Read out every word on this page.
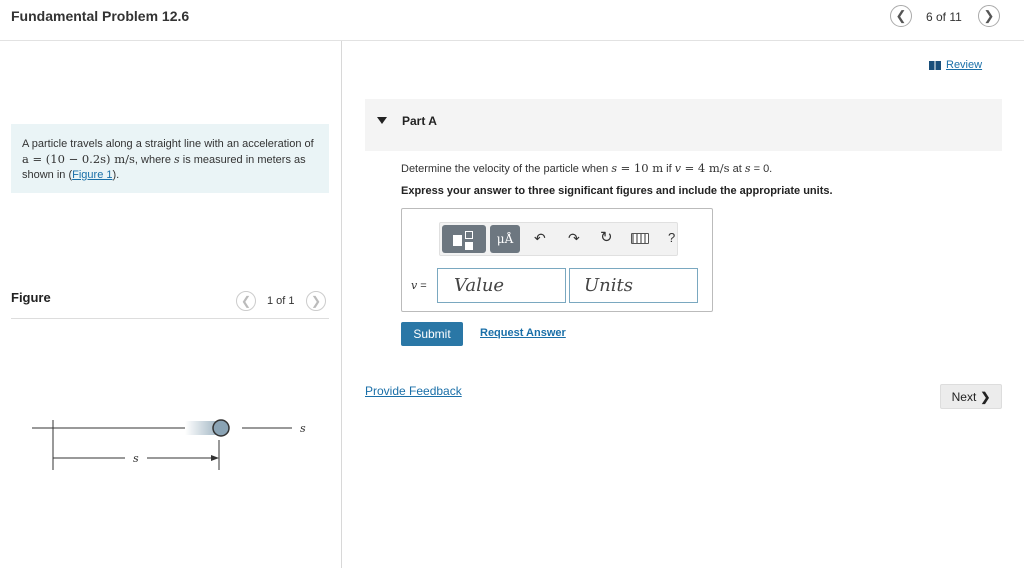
Fundamental Problem 12.6	❮ 6 of 11 ❯
A particle travels along a straight line with an acceleration of a = (10 − 0.2s) m/s, where s is measured in meters as shown in (Figure 1).
Figure	❮ 1 of 1 ❯
s
s
Review
Part A
Determine the velocity of the particle when s = 10 m if v = 4 m/s at s = 0.
Express your answer to three significant figures and include the appropriate units.
μÅ	↶ ↷ ↻	?
v =
Value
Units
Submit	Request Answer
Provide Feedback	Next ❯
